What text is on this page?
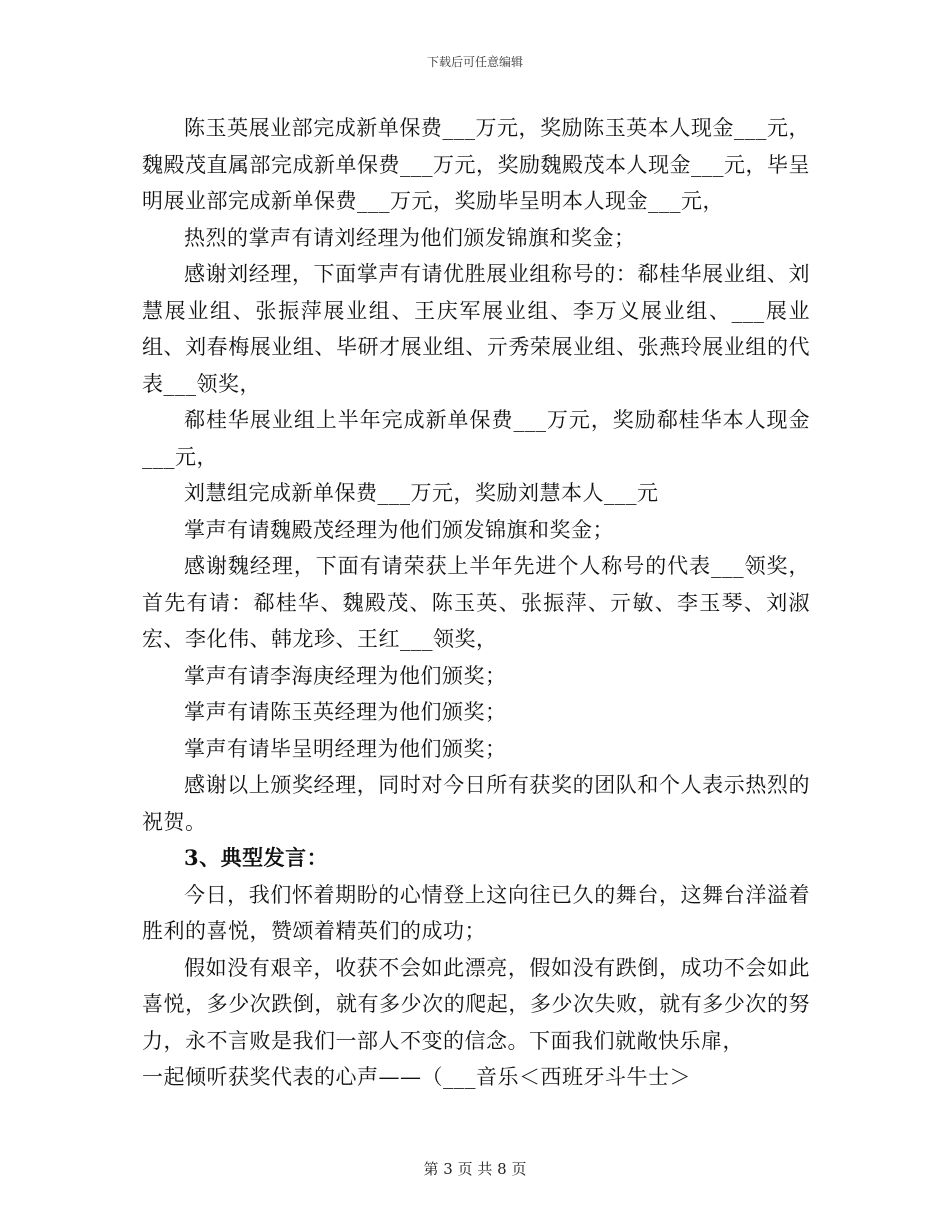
下载后可任意编辑

陈玉英展业部完成新单保费___万元，奖励陈玉英本人现金___元，魏殿茂直属部完成新单保费___万元，奖励魏殿茂本人现金___元，毕呈明展业部完成新单保费___万元，奖励毕呈明本人现金___元，

热烈的掌声有请刘经理为他们颁发锦旗和奖金；

感谢刘经理，下面掌声有请优胜展业组称号的：郗桂华展业组、刘慧展业组、张振萍展业组、王庆军展业组、李万义展业组、___展业组、刘春梅展业组、毕研才展业组、亓秀荣展业组、张燕玲展业组的代表___领奖，

郗桂华展业组上半年完成新单保费___万元，奖励郗桂华本人现金___元，

刘慧组完成新单保费___万元，奖励刘慧本人___元

掌声有请魏殿茂经理为他们颁发锦旗和奖金；

感谢魏经理，下面有请荣获上半年先进个人称号的代表___领奖，首先有请：郗桂华、魏殿茂、陈玉英、张振萍、亓敏、李玉琴、刘淑宏、李化伟、韩龙珍、王红___领奖，

掌声有请李海庚经理为他们颁奖；

掌声有请陈玉英经理为他们颁奖；

掌声有请毕呈明经理为他们颁奖；

感谢以上颁奖经理，同时对今日所有获奖的团队和个人表示热烈的祝贺。

3、典型发言：

今日，我们怀着期盼的心情登上这向往已久的舞台，这舞台洋溢着胜利的喜悦，赞颂着精英们的成功；

假如没有艰辛，收获不会如此漂亮，假如没有跌倒，成功不会如此喜悦，多少次跌倒，就有多少次的爬起，多少次失败，就有多少次的努力，永不言败是我们一部人不变的信念。下面我们就敞快乐扉，

一起倾听获奖代表的心声——（___音乐＜西班牙斗牛士＞

第 3 页 共 8 页
